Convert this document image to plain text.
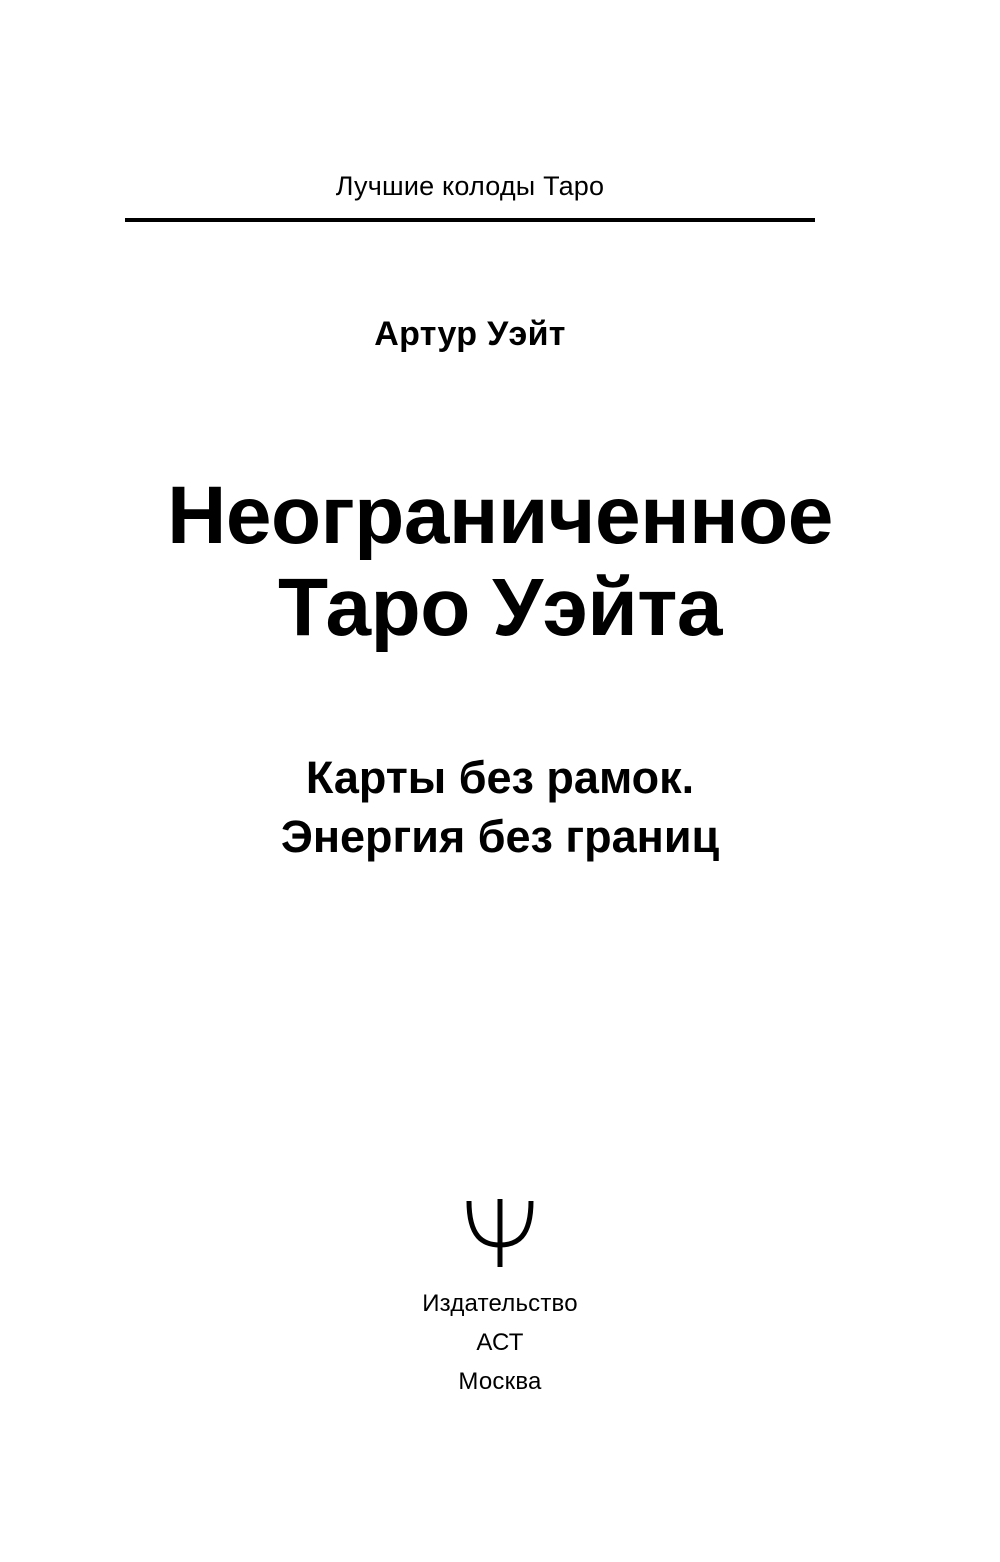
Лучшие колоды Таро
Артур Уэйт
Неограниченное
Таро Уэйта
Карты без рамок.
Энергия без границ
Издательство
АСТ
Москва
